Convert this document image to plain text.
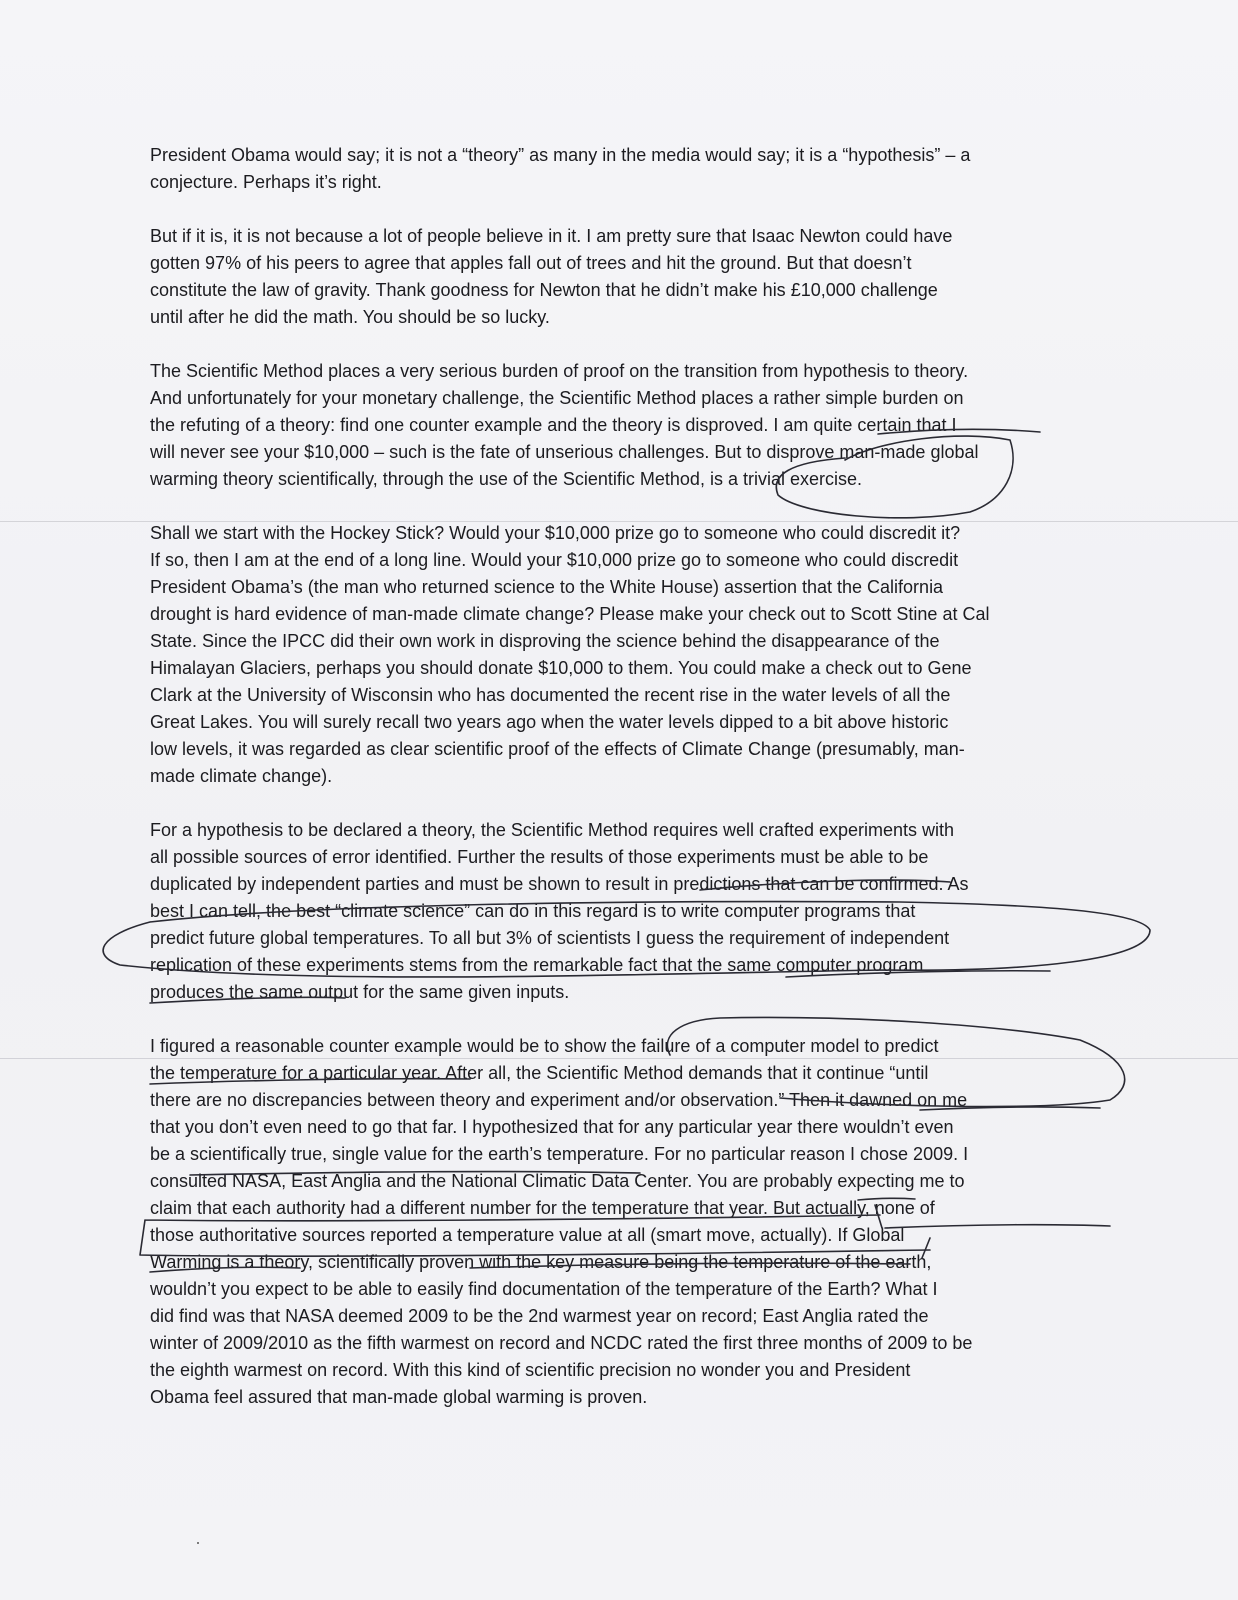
President Obama would say; it is not a “theory” as many in the media would say; it is a “hypothesis” – a
conjecture. Perhaps it’s right.

But if it is, it is not because a lot of people believe in it. I am pretty sure that Isaac Newton could have
gotten 97% of his peers to agree that apples fall out of trees and hit the ground. But that doesn’t
constitute the law of gravity. Thank goodness for Newton that he didn’t make his £10,000 challenge
until after he did the math. You should be so lucky.

The Scientific Method places a very serious burden of proof on the transition from hypothesis to theory.
And unfortunately for your monetary challenge, the Scientific Method places a rather simple burden on
the refuting of a theory: find one counter example and the theory is disproved. I am quite certain that I
will never see your $10,000 – such is the fate of unserious challenges. But to disprove man-made global
warming theory scientifically, through the use of the Scientific Method, is a trivial exercise.

Shall we start with the Hockey Stick? Would your $10,000 prize go to someone who could discredit it?
If so, then I am at the end of a long line. Would your $10,000 prize go to someone who could discredit
President Obama’s (the man who returned science to the White House) assertion that the California
drought is hard evidence of man-made climate change? Please make your check out to Scott Stine at Cal
State. Since the IPCC did their own work in disproving the science behind the disappearance of the
Himalayan Glaciers, perhaps you should donate $10,000 to them. You could make a check out to Gene
Clark at the University of Wisconsin who has documented the recent rise in the water levels of all the
Great Lakes. You will surely recall two years ago when the water levels dipped to a bit above historic
low levels, it was regarded as clear scientific proof of the effects of Climate Change (presumably, man-
made climate change).

For a hypothesis to be declared a theory, the Scientific Method requires well crafted experiments with
all possible sources of error identified. Further the results of those experiments must be able to be
duplicated by independent parties and must be shown to result in predictions that can be confirmed. As
best I can tell, the best “climate science” can do in this regard is to write computer programs that
predict future global temperatures. To all but 3% of scientists I guess the requirement of independent
replication of these experiments stems from the remarkable fact that the same computer program
produces the same output for the same given inputs.

I figured a reasonable counter example would be to show the failure of a computer model to predict
the temperature for a particular year. After all, the Scientific Method demands that it continue “until
there are no discrepancies between theory and experiment and/or observation.” Then it dawned on me
that you don’t even need to go that far. I hypothesized that for any particular year there wouldn’t even
be a scientifically true, single value for the earth’s temperature. For no particular reason I chose 2009. I
consulted NASA, East Anglia and the National Climatic Data Center. You are probably expecting me to
claim that each authority had a different number for the temperature that year. But actually, none of
those authoritative sources reported a temperature value at all (smart move, actually). If Global
Warming is a theory, scientifically proven with the key measure being the temperature of the earth,
wouldn’t you expect to be able to easily find documentation of the temperature of the Earth? What I
did find was that NASA deemed 2009 to be the 2nd warmest year on record; East Anglia rated the
winter of 2009/2010 as the fifth warmest on record and NCDC rated the first three months of 2009 to be
the eighth warmest on record. With this kind of scientific precision no wonder you and President
Obama feel assured that man-made global warming is proven.
